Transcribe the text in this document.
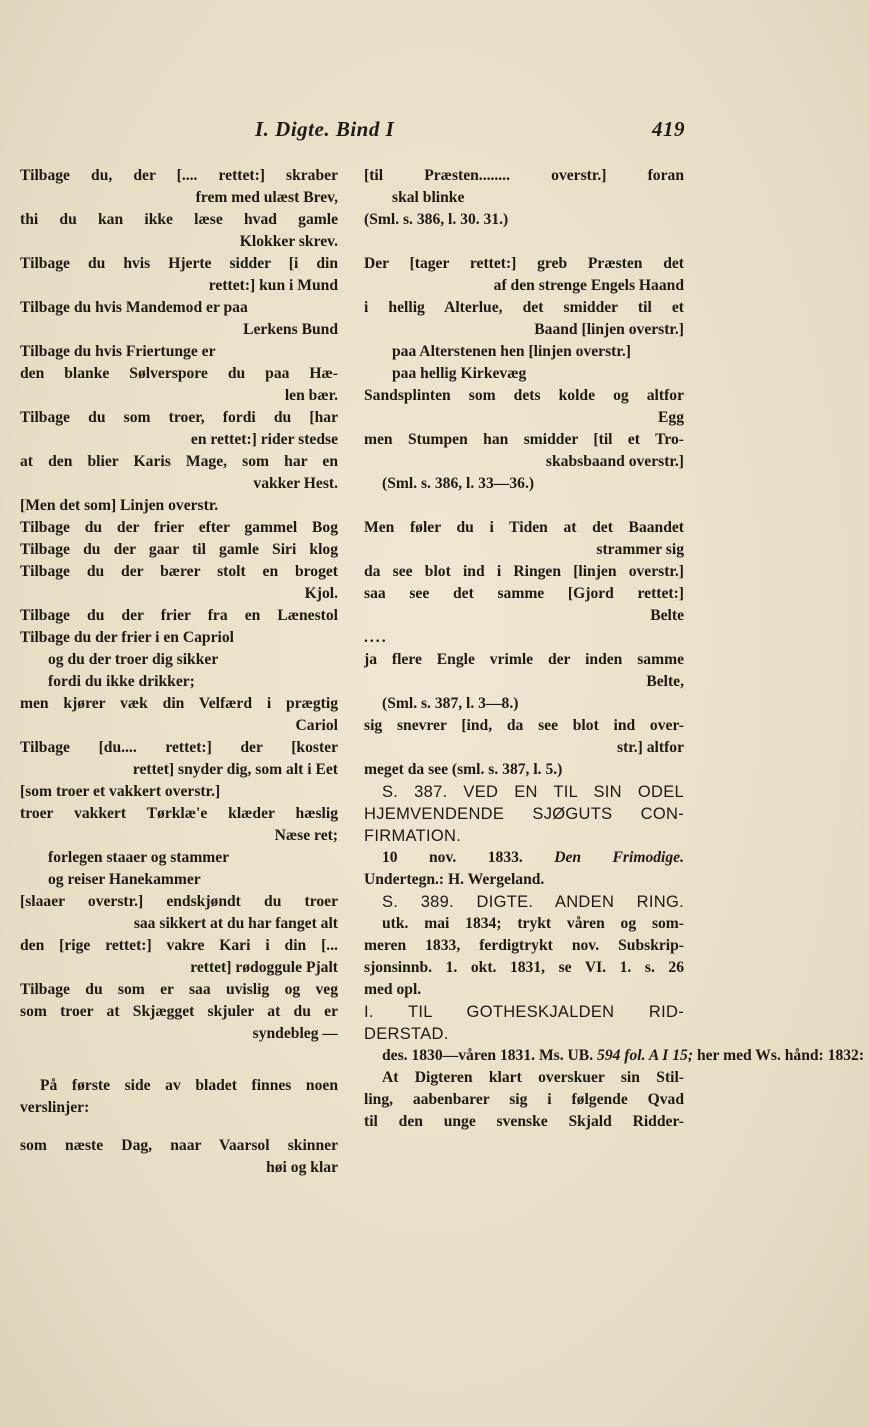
I. Digte. Bind I	419
Tilbage du, der [.... rettet:] skraber
frem med ulæst Brev,
thi du kan ikke læse hvad gamle
Klokker skrev.
Tilbage du hvis Hjerte sidder [i din
rettet:] kun i Mund
Tilbage du hvis Mandemod er paa
Lerkens Bund
Tilbage du hvis Friertunge er
den blanke Sølverspore du paa Hæ-
len bær.
Tilbage du som troer, fordi du [har
en rettet:] rider stedse
at den blier Karis Mage, som har en
vakker Hest.
[Men det som] Linjen overstr.
Tilbage du der frier efter gammel Bog
Tilbage du der gaar til gamle Siri klog
Tilbage du der bærer stolt en broget
Kjol.
Tilbage du der frier fra en Lænestol
Tilbage du der frier i en Capriol
og du der troer dig sikker
fordi du ikke drikker;
men kjører væk din Velfærd i prægtig
Cariol
Tilbage [du.... rettet:] der [koster
rettet] snyder dig, som alt i Eet
[som troer et vakkert overstr.]
troer vakkert Tørklæ'e klæder hæslig
Næse ret;
forlegen staaer og stammer
og reiser Hanekammer
[slaaer overstr.] endskjøndt du troer
saa sikkert at du har fanget alt
den [rige rettet:] vakre Kari i din [...
rettet] rødoggule Pjalt
Tilbage du som er saa uvislig og veg
som troer at Skjægget skjuler at du er
syndebleg —
På første side av bladet finnes noen
verslinjer:
som næste Dag, naar Vaarsol skinner
høi og klar
[til Præsten........ overstr.] foran
skal blinke
(Sml. s. 386, l. 30. 31.)
Der [tager rettet:] greb Præsten det
af den strenge Engels Haand
i hellig Alterlue, det smidder til et
Baand [linjen overstr.]
paa Alterstenen hen [linjen overstr.]
paa hellig Kirkevæg
Sandsplinten som dets kolde og altfor
Egg
men Stumpen han smidder [til et Tro-
skabsbaand overstr.]
(Sml. s. 386, l. 33—36.)
Men føler du i Tiden at det Baandet
strammer sig
da see blot ind i Ringen [linjen overstr.]
saa see det samme [Gjord rettet:]
Belte
....
ja flere Engle vrimle der inden samme
Belte,
(Sml. s. 387, l. 3—8.)
sig snevrer [ind, da see blot ind over-
str.] altfor
meget da see (sml. s. 387, l. 5.)
S. 387. VED EN TIL SIN ODEL
HJEMVENDENDE SJØGUTS CON-
FIRMATION.
10 nov. 1833. Den Frimodige.
Undertegn.: H. Wergeland.
S. 389. DIGTE. ANDEN RING.
utk. mai 1834; trykt våren og som-
meren 1833, ferdigtrykt nov. Subskrip-
sjonsinnb. 1. okt. 1831, se VI. 1. s. 26
med opl.
I. TIL GOTHESKJALDEN RID-
DERSTAD.
des. 1830—våren 1831. Ms. UB. 594 fol. A I 15; her med Ws. hånd: 1832:
At Digteren klart overskuer sin Stil-
ling, aabenbarer sig i følgende Qvad
til den unge svenske Skjald Ridder-
